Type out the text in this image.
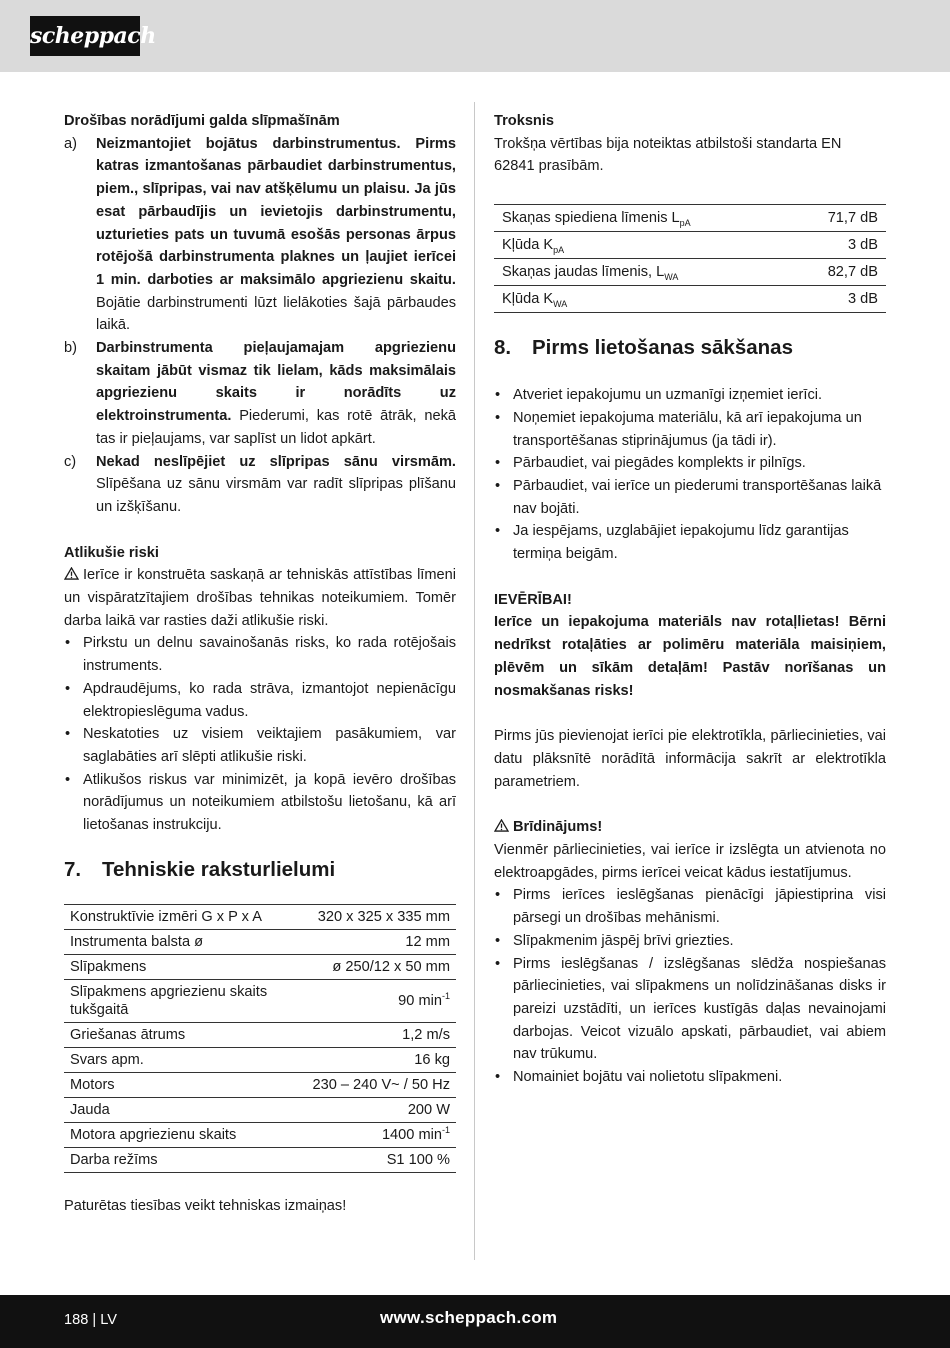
scheppach
Drošības norādījumi galda slīpmašīnām
a) Neizmantojiet bojātus darbinstrumentus. Pirms katras izmantošanas pārbaudiet darbinstrumentus, piem., slīpripas, vai nav atšķēlumu un plaisu. Ja jūs esat pārbaudījis un ievietojis darbinstrumentu, uzturieties pats un tuvumā esošās personas ārpus rotējošā darbinstrumenta plaknes un ļaujiet ierīcei 1 min. darboties ar maksimālo apgriezienu skaitu. Bojātie darbinstrumenti lūzt lielākoties šajā pārbaudes laikā.
b) Darbinstrumenta pieļaujamajam apgriezienu skaitam jābūt vismaz tik lielam, kāds maksimālais apgriezienu skaits ir norādīts uz elektroinstrumenta. Piederumi, kas rotē ātrāk, nekā tas ir pieļaujams, var saplīst un lidot apkārt.
c) Nekad neslīpējiet uz slīpripas sānu virsmām. Slīpēšana uz sānu virsmām var radīt slīpripas plīšanu un izšķīšanu.
Atlikušie riski
Ierīce ir konstruēta saskaņā ar tehniskās attīstības līmeni un vispāratzītajiem drošības tehnikas noteikumiem. Tomēr darba laikā var rasties daži atlikušie riski.
• Pirkstu un delnu savainošanās risks, ko rada rotējošais instruments.
• Apdraudējums, ko rada strāva, izmantojot nepienācīgu elektropieslēguma vadus.
• Neskatoties uz visiem veiktajiem pasākumiem, var saglabāties arī slēpti atlikušie riski.
• Atlikušos riskus var minimizēt, ja kopā ievēro drošības norādījumus un noteikumiem atbilstošu lietošanu, kā arī lietošanas instrukciju.
7. Tehniskie raksturlielumi
Konstruktīvie izmēri G x P x A	320 x 325 x 335 mm
Instrumenta balsta ø	12 mm
Slīpakmens	ø 250/12 x 50 mm
Slīpakmens apgriezienu skaits tukšgaitā	90 $\min^{-1}$
Griešanas ātrums	1,2 m/s
Svars apm.	16 kg
Motors	230 – 240 V~ / 50 Hz
Jauda	200 W
Motora apgriezienu skaits	1400 $\min^{-1}$
Darba režīms	S1 100 %
Paturētas tiesības veikt tehniskas izmaiņas!
Troksnis
Trokšņa vērtības bija noteiktas atbilstoši standarta EN 62841 prasībām.
Skaņas spiediena līmenis $L_{pA}$	71,7 dB
Kļūda $K_{pA}$	3 dB
Skaņas jaudas līmenis, $L_{WA}$	82,7 dB
Kļūda $K_{WA}$	3 dB
8. Pirms lietošanas sākšanas
• Atveriet iepakojumu un uzmanīgi izņemiet ierīci.
• Noņemiet iepakojuma materiālu, kā arī iepakojuma un transportēšanas stiprinājumus (ja tādi ir).
• Pārbaudiet, vai piegādes komplekts ir pilnīgs.
• Pārbaudiet, vai ierīce un piederumi transportēšanas laikā nav bojāti.
• Ja iespējams, uzglabājiet iepakojumu līdz garantijas termiņa beigām.
IEVĒRĪBAI!
Ierīce un iepakojuma materiāls nav rotaļlietas! Bērni nedrīkst rotaļāties ar polimēru materiāla maisiņiem, plēvēm un sīkām detaļām! Pastāv norīšanas un nosmakšanas risks!
Pirms jūs pievienojat ierīci pie elektrotīkla, pārliecinieties, vai datu plāksnītē norādītā informācija sakrīt ar elektrotīkla parametriem.
Brīdinājums!
Vienmēr pārliecinieties, vai ierīce ir izslēgta un atvienota no elektroapgādes, pirms ierīcei veicat kādus iestatījumus.
• Pirms ierīces ieslēgšanas pienācīgi jāpiestiprina visi pārsegi un drošības mehānismi.
• Slīpakmenim jāspēj brīvi griezties.
• Pirms ieslēgšanas / izslēgšanas slēdža nospiešanas pārliecinieties, vai slīpakmens un nolīdzināšanas disks ir pareizi uzstādīti, un ierīces kustīgās daļas nevainojami darbojas. Veicot vizuālo apskati, pārbaudiet, vai abiem nav trūkumu.
• Nomainiet bojātu vai nolietotu slīpakmeni.
188 | LV	www.scheppach.com
